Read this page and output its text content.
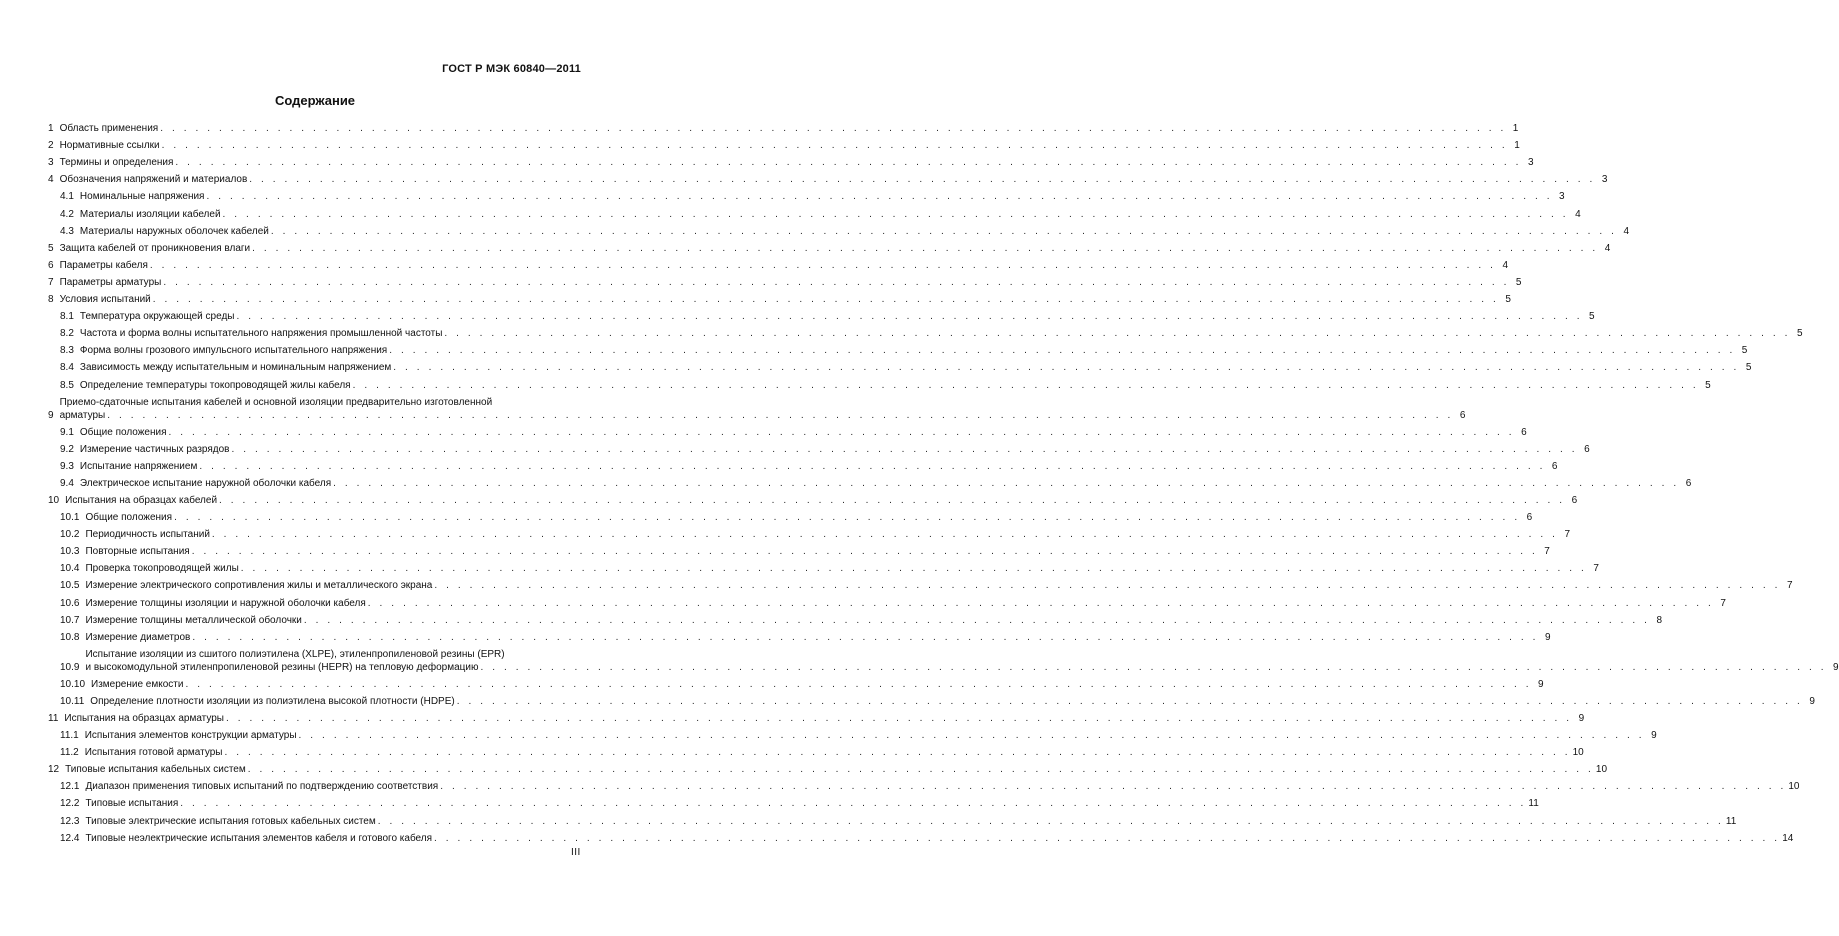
ГОСТ Р МЭК 60840—2011
Содержание
1 Область применения . . .	1
2 Нормативные ссылки . . .	1
3 Термины и определения . . .	3
4 Обозначения напряжений и материалов . . .	3
4.1 Номинальные напряжения . . .	3
4.2 Материалы изоляции кабелей . . .	4
4.3 Материалы наружных оболочек кабелей . . .	4
5 Защита кабелей от проникновения влаги . . .	4
6 Параметры кабеля . . .	4
7 Параметры арматуры . . .	5
8 Условия испытаний . . .	5
8.1 Температура окружающей среды . . .	5
8.2 Частота и форма волны испытательного напряжения промышленной частоты . . .	5
8.3 Форма волны грозового импульсного испытательного напряжения . . .	5
8.4 Зависимость между испытательным и номинальным напряжением . . .	5
8.5 Определение температуры токопроводящей жилы кабеля . . .	5
9
Приемо-сдаточные испытания кабелей и основной изоляции предварительно изготовленной
арматуры . . .	6
9.1 Общие положения . . .	6
9.2 Измерение частичных разрядов . . .	6
9.3 Испытание напряжением . . .	6
9.4 Электрическое испытание наружной оболочки кабеля . . .	6
10 Испытания на образцах кабелей . . .	6
10.1 Общие положения . . .	6
10.2 Периодичность испытаний . . .	7
10.3 Повторные испытания . . .	7
10.4 Проверка токопроводящей жилы . . .	7
10.5 Измерение электрического сопротивления жилы и металлического экрана . . .	7
10.6 Измерение толщины изоляции и наружной оболочки кабеля . . .	7
10.7 Измерение толщины металлической оболочки . . .	8
10.8 Измерение диаметров . . .	9
10.9
Испытание изоляции из сшитого полиэтилена (XLPE), этиленпропиленовой резины (EPR)
и высокомодульной этиленпропиленовой резины (HEPR) на тепловую деформацию . . .	9
10.10 Измерение емкости . . .	9
10.11 Определение плотности изоляции из полиэтилена высокой плотности (HDPE) . . .	9
11 Испытания на образцах арматуры . . .	9
11.1 Испытания элементов конструкции арматуры . . .	9
11.2 Испытания готовой арматуры . . .	10
12 Типовые испытания кабельных систем . . .	10
12.1 Диапазон применения типовых испытаний по подтверждению соответствия . . .	10
12.2 Типовые испытания . . .	11
12.3 Типовые электрические испытания готовых кабельных систем . . .	11
12.4 Типовые неэлектрические испытания элементов кабеля и готового кабеля . . .	14
III
